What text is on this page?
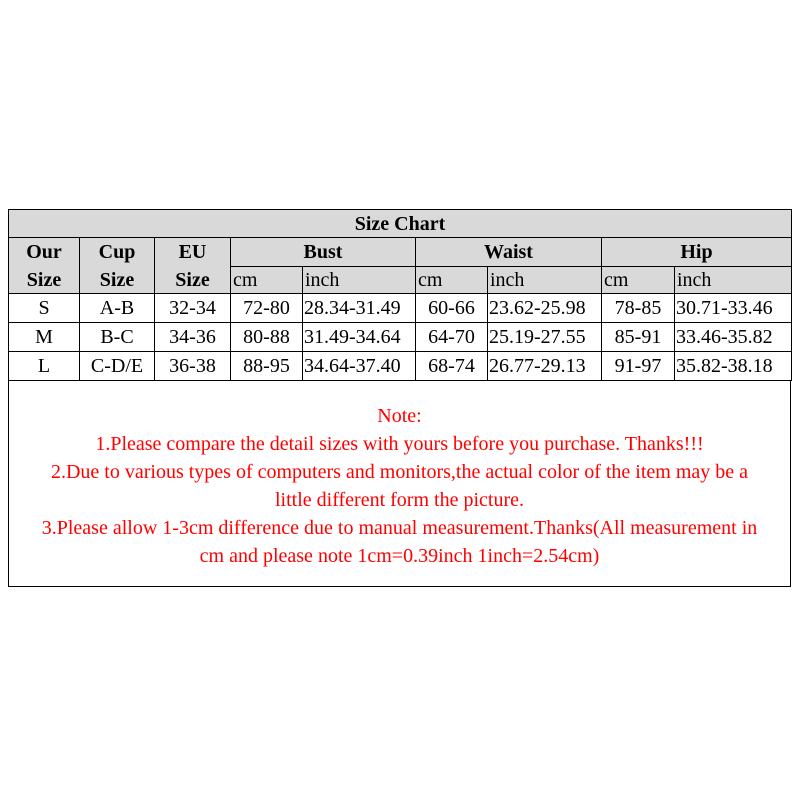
Size Chart								
Our	Cup	EU	Bust		Waist		Hip	
Size	Size	Size	cm	inch	cm	inch	cm	inch
S	A-B	32-34	72-80	28.34-31.49	60-66	23.62-25.98	78-85	30.71-33.46
M	B-C	34-36	80-88	31.49-34.64	64-70	25.19-27.55	85-91	33.46-35.82
L	C-D/E	36-38	88-95	34.64-37.40	68-74	26.77-29.13	91-97	35.82-38.18

Note:

1.Please compare the detail sizes with yours before you purchase. Thanks!!!

2.Due to various types of computers and monitors,the actual color of the item may be a

little different form the picture.

3.Please allow 1-3cm difference due to manual measurement.Thanks(All measurement in

cm and please note 1cm=0.39inch 1inch=2.54cm)
